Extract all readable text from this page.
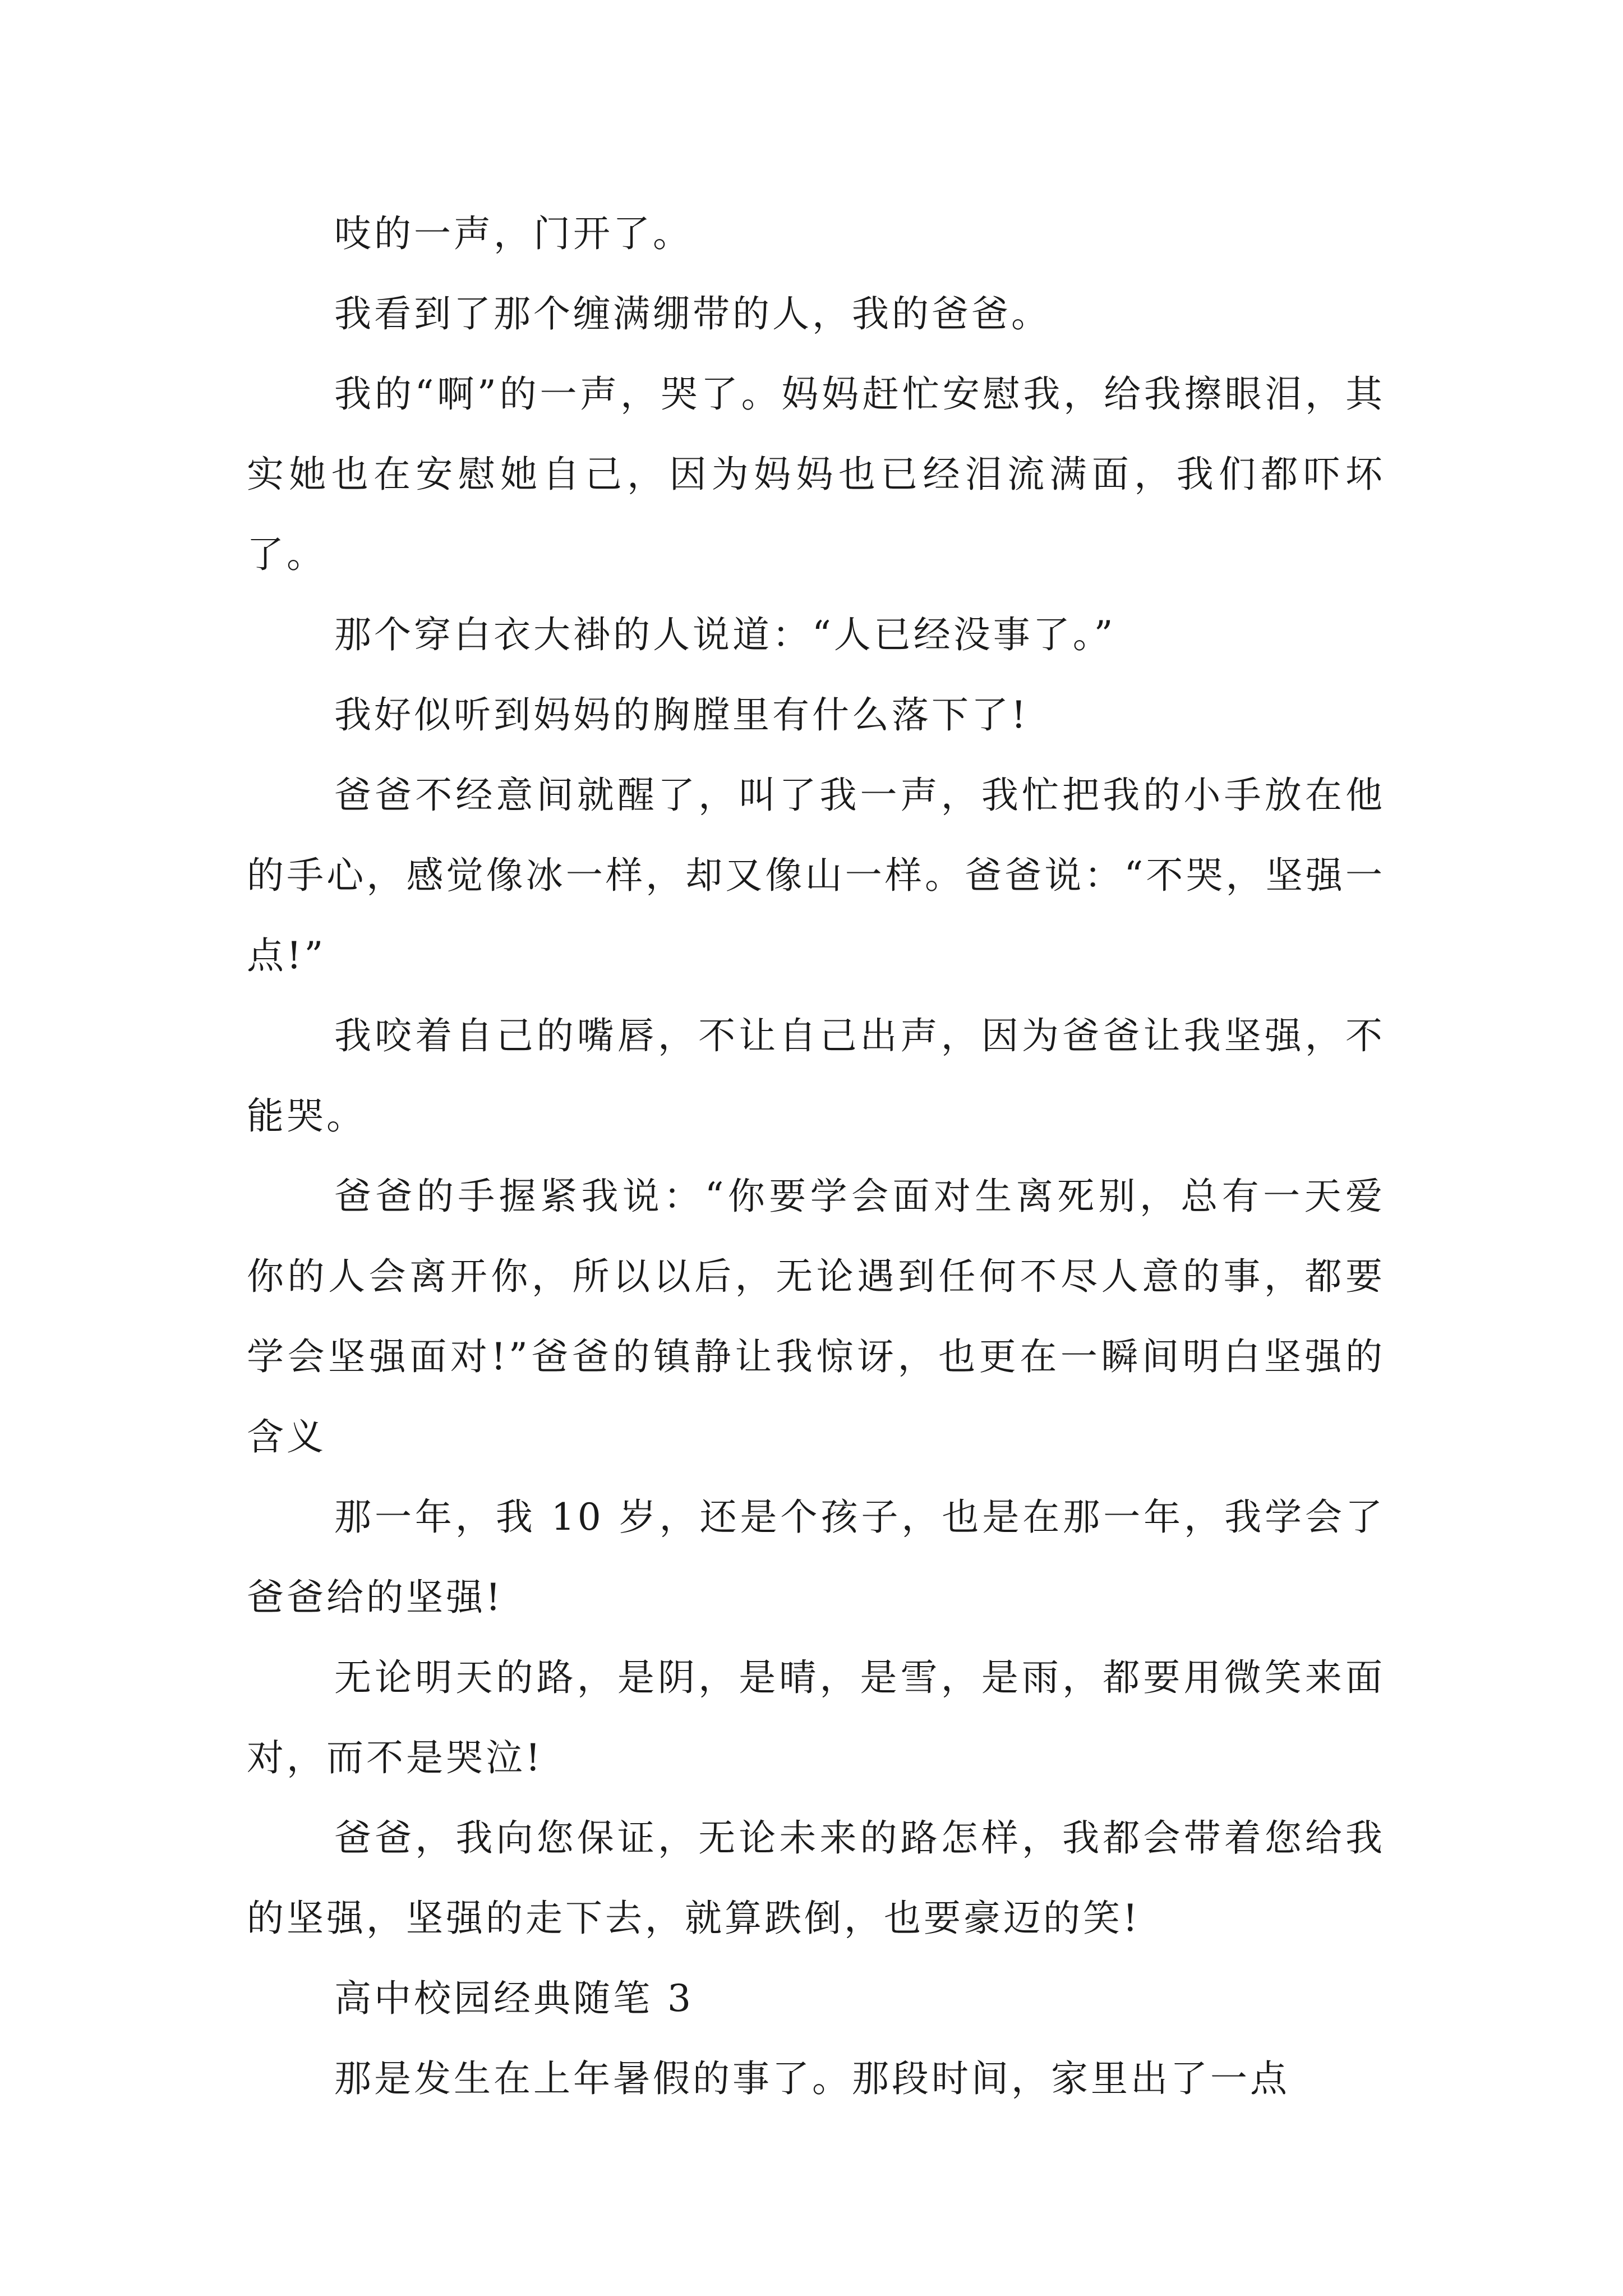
吱的一声，门开了。

我看到了那个缠满绷带的人，我的爸爸。

我的“啊”的一声，哭了。妈妈赶忙安慰我，给我擦眼泪，其实她也在安慰她自己，因为妈妈也已经泪流满面，我们都吓坏了。

那个穿白衣大褂的人说道：“人已经没事了。”

我好似听到妈妈的胸膛里有什么落下了!

爸爸不经意间就醒了，叫了我一声，我忙把我的小手放在他的手心，感觉像冰一样，却又像山一样。爸爸说：“不哭，坚强一点!”

我咬着自己的嘴唇，不让自己出声，因为爸爸让我坚强，不能哭。

爸爸的手握紧我说：“你要学会面对生离死别，总有一天爱你的人会离开你，所以以后，无论遇到任何不尽人意的事，都要学会坚强面对!”爸爸的镇静让我惊讶，也更在一瞬间明白坚强的含义

那一年，我 10 岁，还是个孩子，也是在那一年，我学会了爸爸给的坚强!

无论明天的路，是阴，是晴，是雪，是雨，都要用微笑来面对，而不是哭泣!

爸爸，我向您保证，无论未来的路怎样，我都会带着您给我的坚强，坚强的走下去，就算跌倒，也要豪迈的笑!

高中校园经典随笔 3

那是发生在上年暑假的事了。那段时间，家里出了一点
